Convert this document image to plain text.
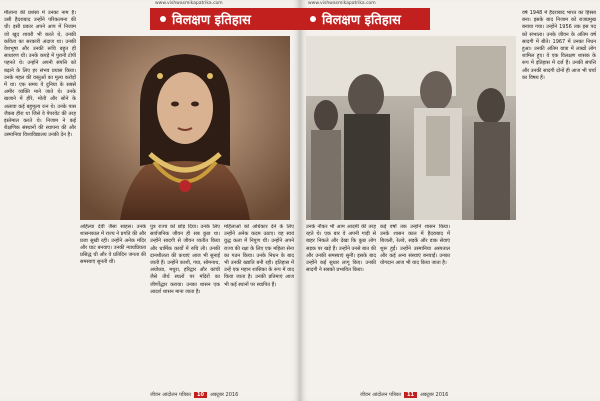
www.vishwasmikapatrika.com
विलक्षण इतिहास
मौलाना की प्रशंसा में उनका नाम है। उसी हैदराबाद उन्होंने परिकल्पना की थी। इसी प्रकार अपने आप में निजाम जो खुद शायरी भी करते थे, उनकी कविता का सरकारी अंदाज था। उनकी वेशभूषा और उनकी रूचि बहुत ही साधारण थी। उनके कपड़े में पुरानी टोपी पहनते थे। उन्होंने अपनी संपत्ति को बढ़ाने के लिए हर संभव प्रयास किया। उनके महल की वस्तुओं का मूल्य करोड़ों में था। एक समय वे दुनिया के सबसे अमीर व्यक्ति माने जाते थे। उनके खजाने में हीरे, मोती और सोने के अलावा कई बहुमूल्य रत्न थे। उनके पास जैकब हीरा था जिसे वे पेपरवेट की तरह इस्तेमाल करते थे। निजाम ने कई शैक्षणिक संस्थानों की स्थापना की और उस्मानिया विश्वविद्यालय उनकी देन है।
अहिल्या देवी जैसा साहस। उनके शासनकाल में राज्य ने प्रगति की और प्रजा सुखी रही। उन्होंने अनेक मंदिर और घाट बनवाए। उनकी न्यायप्रियता प्रसिद्ध थी और वे प्रतिदिन जनता की समस्याएं सुनती थीं।
पुत्र राज्य को छोड़ दिया। उनके लिए सार्वजनिक जीवन ही सब कुछ था। उन्होंने सादगी से जीवन व्यतीत किया और धार्मिक कार्यों में रुचि ली। उनकी दानशीलता की कथाएं आज भी सुनाई जाती हैं। उन्होंने काशी, गया, सोमनाथ, अयोध्या, मथुरा, हरिद्वार और कांची जैसे तीर्थ स्थलों पर मंदिरों का जीर्णोद्धार कराया। उनका शासन एक आदर्श शासन माना जाता है।
महिलाओं को अधिकार देने के लिए उन्होंने अनेक कदम उठाए। वह स्वयं युद्ध कला में निपुण थीं। उन्होंने अपने राज्य की रक्षा के लिए एक महिला सेना का गठन किया। उनके निधन के बाद भी उनकी ख्याति बनी रही। इतिहास में उन्हें एक महान शासिका के रूप में याद किया जाता है। उनकी प्रतिमाएं आज भी कई स्थानों पर स्थापित हैं।
जीवन आंदोलन पत्रिका	10	अक्टूबर 2016
www.vishwasmikapatrika.com
विलक्षण इतिहास
उनके नौकर भी आम आदमी की तरह रहते थे। एक बार वे अपनी गाड़ी से बाहर निकले और देखा कि कुछ लोग सड़क पर खड़े हैं। उन्होंने उनसे बात की और उनकी समस्याएं सुनीं। इसके बाद उन्होंने कई सुधार लागू किए। उनकी सादगी ने सबको प्रभावित किया।
कई वर्षों तक उन्होंने शासन किया। उनके शासन काल में हैदराबाद में बिजली, रेलवे, सड़कें और डाक सेवाएं शुरू हुईं। उन्होंने उस्मानिया अस्पताल और कई अन्य संस्थाएं बनवाईं। उनका योगदान आज भी याद किया जाता है।
वर्ष 1948 में हैदराबाद भारत का हिस्सा बना। इसके बाद निजाम को राजप्रमुख बनाया गया। उन्होंने 1956 तक इस पद को संभाला। उनके जीवन के अंतिम वर्ष सादगी में बीते। 1967 में उनका निधन हुआ। उनकी अंतिम यात्रा में लाखों लोग शामिल हुए। वे एक विलक्षण शासक के रूप में इतिहास में दर्ज हैं। उनकी संपत्ति और उनकी सादगी दोनों ही आज भी चर्चा का विषय हैं।
जीवन आंदोलन पत्रिका	11	अक्टूबर 2016
